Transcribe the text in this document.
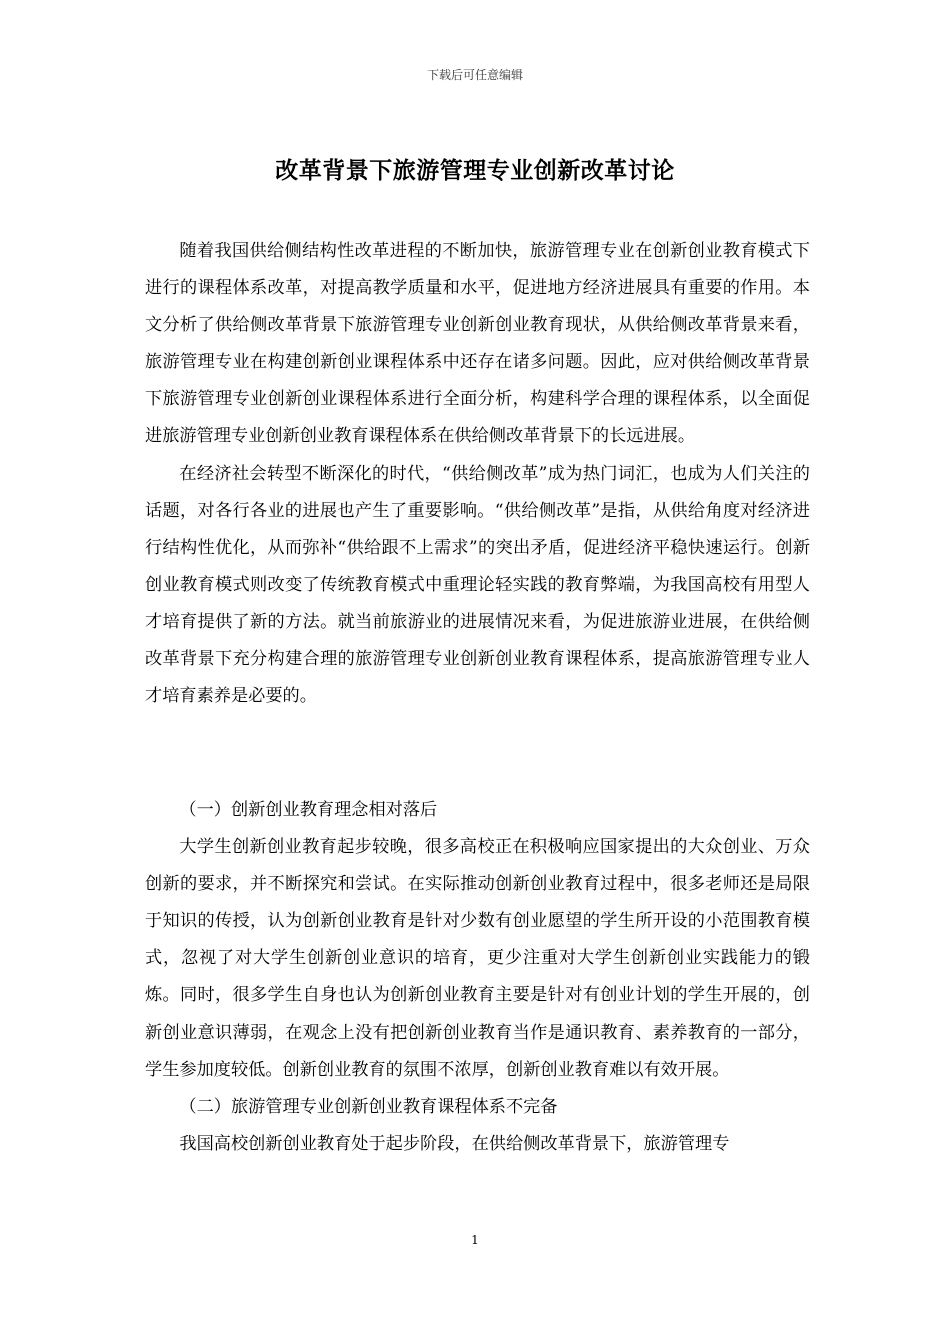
下载后可任意编辑
改革背景下旅游管理专业创新改革讨论

随着我国供给侧结构性改革进程的不断加快，旅游管理专业在创新创业教育模式下进行的课程体系改革，对提高教学质量和水平，促进地方经济进展具有重要的作用。本文分析了供给侧改革背景下旅游管理专业创新创业教育现状，从供给侧改革背景来看，旅游管理专业在构建创新创业课程体系中还存在诸多问题。因此，应对供给侧改革背景下旅游管理专业创新创业课程体系进行全面分析，构建科学合理的课程体系，以全面促进旅游管理专业创新创业教育课程体系在供给侧改革背景下的长远进展。

在经济社会转型不断深化的时代，“供给侧改革”成为热门词汇，也成为人们关注的话题，对各行各业的进展也产生了重要影响。“供给侧改革”是指，从供给角度对经济进行结构性优化，从而弥补“供给跟不上需求”的突出矛盾，促进经济平稳快速运行。创新创业教育模式则改变了传统教育模式中重理论轻实践的教育弊端，为我国高校有用型人才培育提供了新的方法。就当前旅游业的进展情况来看，为促进旅游业进展，在供给侧改革背景下充分构建合理的旅游管理专业创新创业教育课程体系，提高旅游管理专业人才培育素养是必要的。

（一）创新创业教育理念相对落后

大学生创新创业教育起步较晚，很多高校正在积极响应国家提出的大众创业、万众创新的要求，并不断探究和尝试。在实际推动创新创业教育过程中，很多老师还是局限于知识的传授，认为创新创业教育是针对少数有创业愿望的学生所开设的小范围教育模式，忽视了对大学生创新创业意识的培育，更少注重对大学生创新创业实践能力的锻炼。同时，很多学生自身也认为创新创业教育主要是针对有创业计划的学生开展的，创新创业意识薄弱，在观念上没有把创新创业教育当作是通识教育、素养教育的一部分，学生参加度较低。创新创业教育的氛围不浓厚，创新创业教育难以有效开展。

（二）旅游管理专业创新创业教育课程体系不完备

我国高校创新创业教育处于起步阶段，在供给侧改革背景下，旅游管理专

1
